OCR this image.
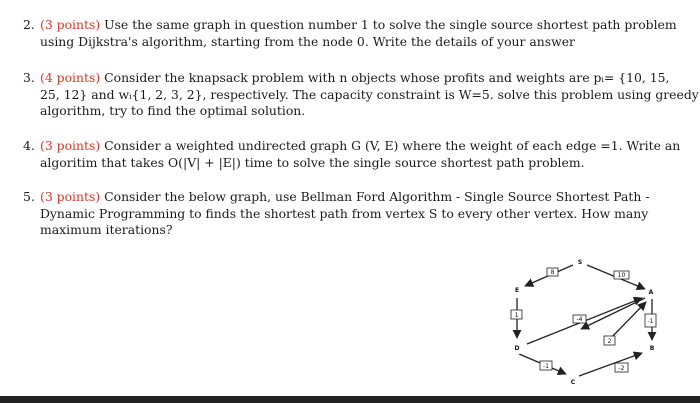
2. (3 points) Use the same graph in question number 1 to solve the single source shortest path problem
using Dijkstra's algorithm, starting from the node 0. Write the details of your answer
3. (4 points) Consider the knapsack problem with n objects whose profits and weights are pᵢ= {10, 15,
25, 12} and wᵢ{1, 2, 3, 2}, respectively. The capacity constraint is W=5. solve this problem using greedy
algorithm, try to find the optimal solution.
4. (3 points) Consider a weighted undirected graph G (V, E) where the weight of each edge =1. Write an
algoritim that takes O(|V| + |E|) time to solve the single source shortest path problem.
5. (3 points) Consider the below graph, use Bellman Ford Algorithm - Single Source Shortest Path -
Dynamic Programming to finds the shortest path from vertex S to every other vertex. How many
maximum iterations?
S
E	A
D	B
C
8	10
1
-4
-1
2
-1
-2
